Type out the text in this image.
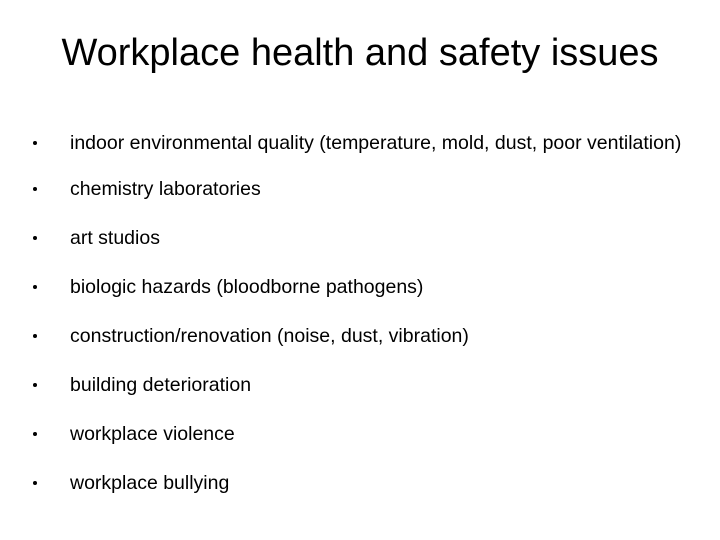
Workplace health and safety issues
indoor environmental quality (temperature, mold, dust, poor ventilation)
chemistry laboratories
art studios
biologic hazards (bloodborne pathogens)
construction/renovation (noise, dust, vibration)
building deterioration
workplace violence
workplace bullying
